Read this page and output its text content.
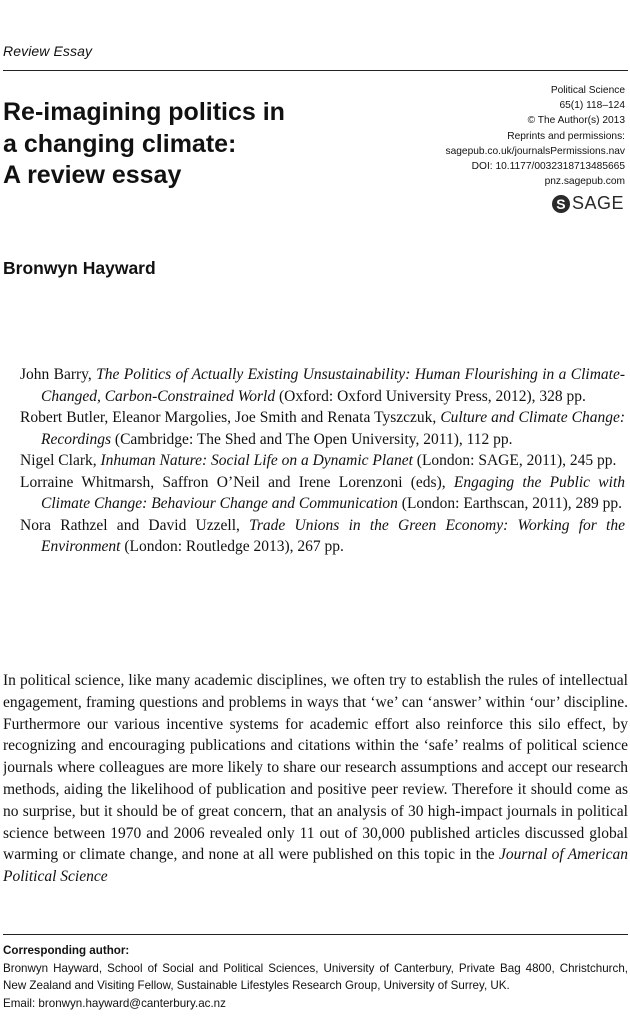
Review Essay
Re-imagining politics in
a changing climate:
A review essay
Political Science
65(1) 118–124
© The Author(s) 2013
Reprints and permissions:
sagepub.co.uk/journalsPermissions.nav
DOI: 10.1177/0032318713485665
pnz.sagepub.com
S SAGE
Bronwyn Hayward
John Barry, The Politics of Actually Existing Unsustainability: Human Flourishing in a Climate-Changed, Carbon-Constrained World (Oxford: Oxford University Press, 2012), 328 pp.
Robert Butler, Eleanor Margolies, Joe Smith and Renata Tyszczuk, Culture and Climate Change: Recordings (Cambridge: The Shed and The Open University, 2011), 112 pp.
Nigel Clark, Inhuman Nature: Social Life on a Dynamic Planet (London: SAGE, 2011), 245 pp.
Lorraine Whitmarsh, Saffron O’Neil and Irene Lorenzoni (eds), Engaging the Public with Climate Change: Behaviour Change and Communication (London: Earthscan, 2011), 289 pp.
Nora Rathzel and David Uzzell, Trade Unions in the Green Economy: Working for the Environment (London: Routledge 2013), 267 pp.

In political science, like many academic disciplines, we often try to establish the rules of intellectual engagement, framing questions and problems in ways that ‘we’ can ‘answer’ within ‘our’ discipline. Furthermore our various incentive systems for academic effort also reinforce this silo effect, by recognizing and encouraging publications and citations within the ‘safe’ realms of political science journals where colleagues are more likely to share our research assumptions and accept our research methods, aiding the likelihood of publication and positive peer review. Therefore it should come as no surprise, but it should be of great concern, that an analysis of 30 high-impact journals in political science between 1970 and 2006 revealed only 11 out of 30,000 published articles discussed global warming or climate change, and none at all were published on this topic in the Journal of American Political Science

Corresponding author:
Bronwyn Hayward, School of Social and Political Sciences, University of Canterbury, Private Bag 4800, Christchurch, New Zealand and Visiting Fellow, Sustainable Lifestyles Research Group, University of Surrey, UK.
Email: bronwyn.hayward@canterbury.ac.nz
